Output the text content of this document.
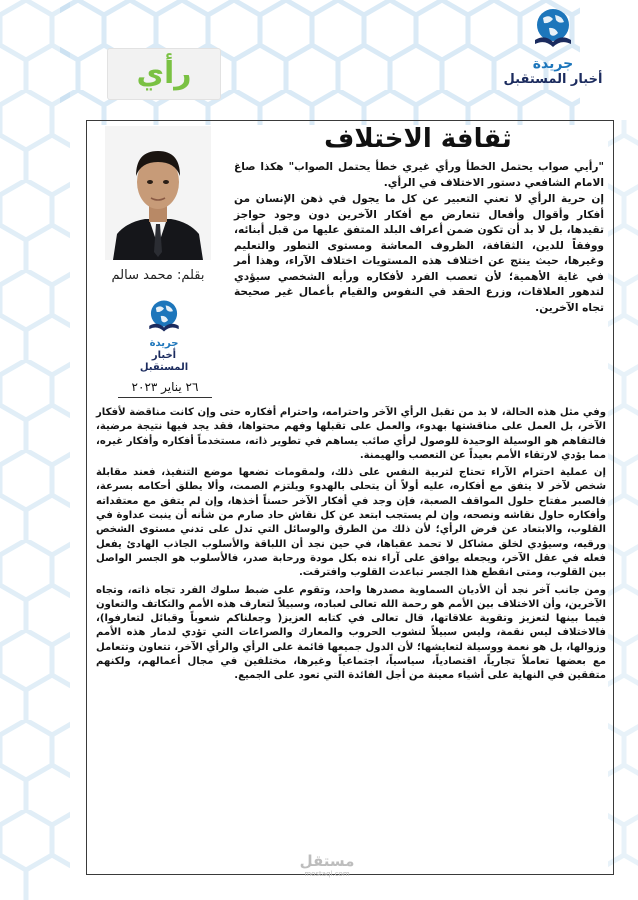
جريدة
أخبار المستقبل
رأي
بقلم: محمد سالم
جريدة
أخبار المستقبل
٢٦ يناير ٢٠٢٣
ثقافة الاختلاف

"رأيي صواب يحتمل الخطأ ورأي غيري خطأ يحتمل الصواب" هكذا صاغ الامام الشافعي دستور الاختلاف في الرأي.

إن حرية الرأي لا تعني التعبير عن كل ما يجول في ذهن الإنسان من أفكار وأقوال وأفعال تتعارض مع أفكار الآخرين دون وجود حواجز تقيدها، بل لا بد أن تكون ضمن أعراف البلد المتفق عليها من قبل أبنائه، ووفقاً للدين، الثقافة، الظروف المعاشة ومستوى التطور والتعليم وغيرها، حيث ينتج عن اختلاف هذه المستويات اختلاف الآراء، وهذا أمر في غاية الأهمية؛ لأن تعصب الفرد لأفكاره ورأيه الشخصي سيؤدي لتدهور العلاقات، وزرع الحقد في النفوس والقيام بأعمال غير صحيحة تجاه الآخرين.

وفي مثل هذه الحالة، لا بد من تقبل الرأي الآخر واحترامه، واحترام أفكاره حتى وإن كانت مناقضة لأفكار الآخر، بل العمل على مناقشتها بهدوء، والعمل على تقبلها وفهم محتواها، فقد يجد فيها نتيجة مرضية، فالتفاهم هو الوسيلة الوحيدة للوصول لرأي صائب يساهم في تطوير ذاته، مستخدماً أفكاره وأفكار غيره، مما يؤدي لارتقاء الأمم بعيداً عن التعصب والهيمنة.

إن عملية احترام الآراء تحتاج لتربية النفس على ذلك، ولمقومات تضعها موضع التنفيذ، فعند مقابلة شخص لآخر لا يتفق مع أفكاره، عليه أولاً أن يتحلى بالهدوء ويلتزم الصمت، وألا يطلق أحكامه بسرعة، فالصبر مفتاح حلول المواقف الصعبة، فإن وجد في أفكار الآخر حسناً أخذها، وإن لم يتفق مع معتقداته وأفكاره حاول نقاشه ونصحه، وإن لم يستجب ابتعد عن كل نقاش حاد صارم من شأنه أن ينبت عداوة في القلوب، والابتعاد عن فرض الرأي؛ لأن ذلك من الطرق والوسائل التي تدل على تدني مستوى الشخص ورقيه، وسيؤدي لخلق مشاكل لا تحمد عقباها، في حين نجد أن اللباقة والأسلوب الجاذب الهادئ يفعل فعله في عقل الآخر، ويجعله يوافق على آراء نده بكل مودة ورحابة صدر، فالأسلوب هو الجسر الواصل بين القلوب، ومتى انقطع هذا الجسر تباعدت القلوب وافترقت.

ومن جانب آخر نجد أن الأديان السماوية مصدرها واحد، وتقوم على ضبط سلوك الفرد تجاه ذاته، وتجاه الآخرين، وأن الاختلاف بين الأمم هو رحمة الله تعالى لعباده، وسبيلاً لتعارف هذه الأمم والتكاتف والتعاون فيما بينها لتعزيز وتقوية علاقاتها، قال تعالى في كتابه العزيز( وجعلناكم شعوباً وقبائل لتعارفوا)، فالاختلاف ليس نقمة، وليس سبيلاً لنشوب الحروب والمعارك والصراعات التي تؤدي لدمار هذه الأمم وزوالها، بل هو نعمة ووسيلة لتعايشها؛ لأن الدول جميعها قائمة على الرأي والرأي الآخر، تتعاون وتتعامل مع بعضها تعاملاً تجارياً، اقتصادياً، سياسياً، اجتماعياً وغيرها، مختلفين في مجال أعمالهم، ولكنهم متفقين في النهاية على أشياء معينة من أجل الفائدة التي تعود على الجميع.

مستقل
mostaql.com
